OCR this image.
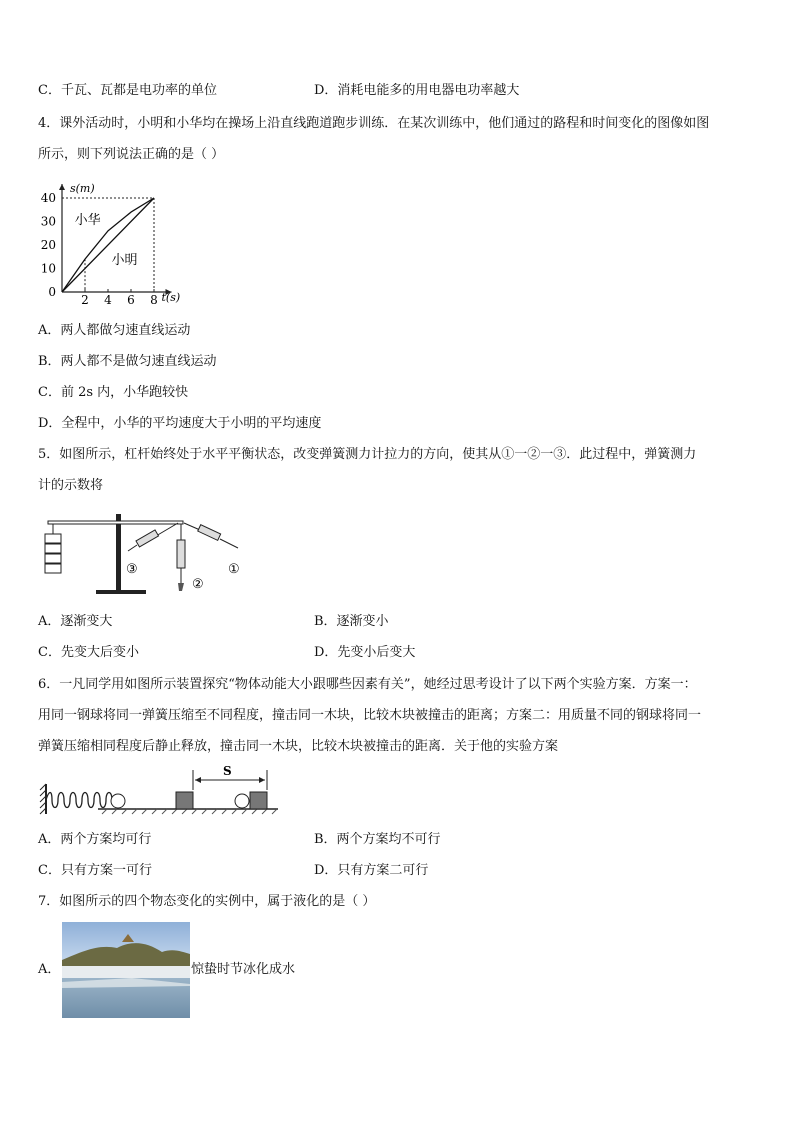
C．千瓦、瓦都是电功率的单位	D．消耗电能多的用电器电功率越大
4．课外活动时，小明和小华均在操场上沿直线跑道跑步训练．在某次训练中，他们通过的路程和时间变化的图像如图
所示，则下列说法正确的是（ ）
s(m)
t(s)
0
10
20
30
40
2 4 6 8
小华
小明
A．两人都做匀速直线运动
B．两人都不是做匀速直线运动
C．前 2s 内，小华跑较快
D．全程中，小华的平均速度大于小明的平均速度
5．如图所示，杠杆始终处于水平平衡状态，改变弹簧测力计拉力的方向，使其从①一②一③．此过程中，弹簧测力
计的示数将
③
②
①
A．逐渐变大	B．逐渐变小
C．先变大后变小	D．先变小后变大
6．一凡同学用如图所示装置探究“物体动能大小跟哪些因素有关”，她经过思考设计了以下两个实验方案．方案一：
用同一钢球将同一弹簧压缩至不同程度，撞击同一木块，比较木块被撞击的距离；方案二：用质量不同的钢球将同一
弹簧压缩相同程度后静止释放，撞击同一木块，比较木块被撞击的距离．关于他的实验方案
S
A．两个方案均可行	B．两个方案均不可行
C．只有方案一可行	D．只有方案二可行
7．如图所示的四个物态变化的实例中，属于液化的是（ ）
A．	惊蛰时节冰化成水
